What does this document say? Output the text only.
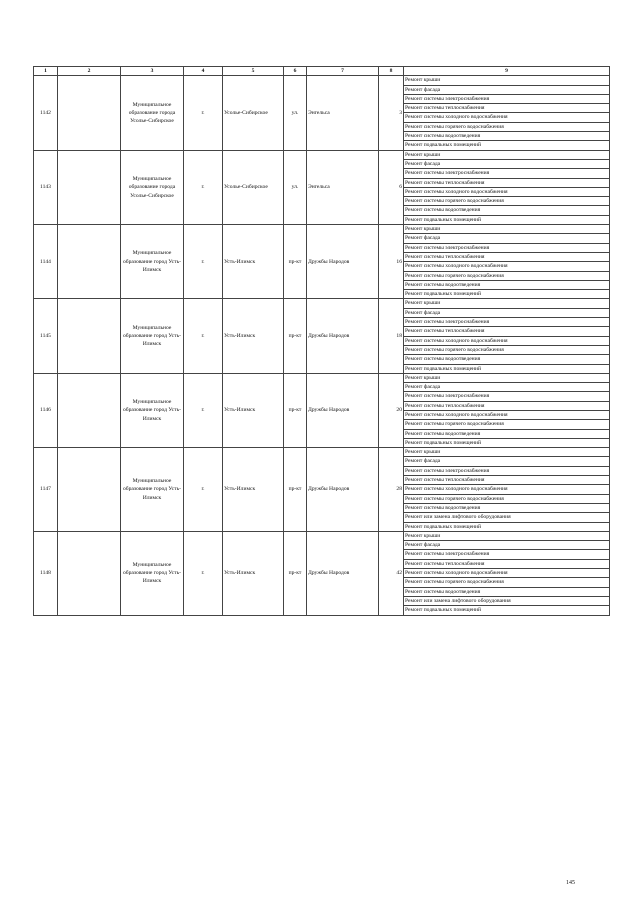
1	2	3	4	5	6	7	8	9
1142		Муниципальное образование города Усолье-Сибирское	г.	Усолье-Сибирское	ул.	Энгельса	3	Ремонт крыши
								Ремонт фасада
								Ремонт системы электроснабжения
								Ремонт системы теплоснабжения
								Ремонт системы холодного водоснабжения
								Ремонт системы горячего водоснабжения
								Ремонт системы водоотведения
								Ремонт подвальных помещений
1143		Муниципальное образование города Усолье-Сибирское	г.	Усолье-Сибирское	ул.	Энгельса	6	Ремонт крыши
								Ремонт фасада
								Ремонт системы электроснабжения
								Ремонт системы теплоснабжения
								Ремонт системы холодного водоснабжения
								Ремонт системы горячего водоснабжения
								Ремонт системы водоотведения
								Ремонт подвальных помещений
1144		Муниципальное образование город Усть-Илимск	г.	Усть-Илимск	пр-кт	Дружбы Народов	16	Ремонт крыши
								Ремонт фасада
								Ремонт системы электроснабжения
								Ремонт системы теплоснабжения
								Ремонт системы холодного водоснабжения
								Ремонт системы горячего водоснабжения
								Ремонт системы водоотведения
								Ремонт подвальных помещений
1145		Муниципальное образование город Усть-Илимск	г.	Усть-Илимск	пр-кт	Дружбы Народов	18	Ремонт крыши
								Ремонт фасада
								Ремонт системы электроснабжения
								Ремонт системы теплоснабжения
								Ремонт системы холодного водоснабжения
								Ремонт системы горячего водоснабжения
								Ремонт системы водоотведения
								Ремонт подвальных помещений
1146		Муниципальное образование город Усть-Илимск	г.	Усть-Илимск	пр-кт	Дружбы Народов	20	Ремонт крыши
								Ремонт фасада
								Ремонт системы электроснабжения
								Ремонт системы теплоснабжения
								Ремонт системы холодного водоснабжения
								Ремонт системы горячего водоснабжения
								Ремонт системы водоотведения
								Ремонт подвальных помещений
1147		Муниципальное образование город Усть-Илимск	г.	Усть-Илимск	пр-кт	Дружбы Народов	28	Ремонт крыши
								Ремонт фасада
								Ремонт системы электроснабжения
								Ремонт системы теплоснабжения
								Ремонт системы холодного водоснабжения
								Ремонт системы горячего водоснабжения
								Ремонт системы водоотведения
								Ремонт или замена лифтового оборудования
								Ремонт подвальных помещений
1148		Муниципальное образование город Усть-Илимск	г.	Усть-Илимск	пр-кт	Дружбы Народов	42	Ремонт крыши
								Ремонт фасада
								Ремонт системы электроснабжения
								Ремонт системы теплоснабжения
								Ремонт системы холодного водоснабжения
								Ремонт системы горячего водоснабжения
								Ремонт системы водоотведения
								Ремонт или замена лифтового оборудования
								Ремонт подвальных помещений
145
